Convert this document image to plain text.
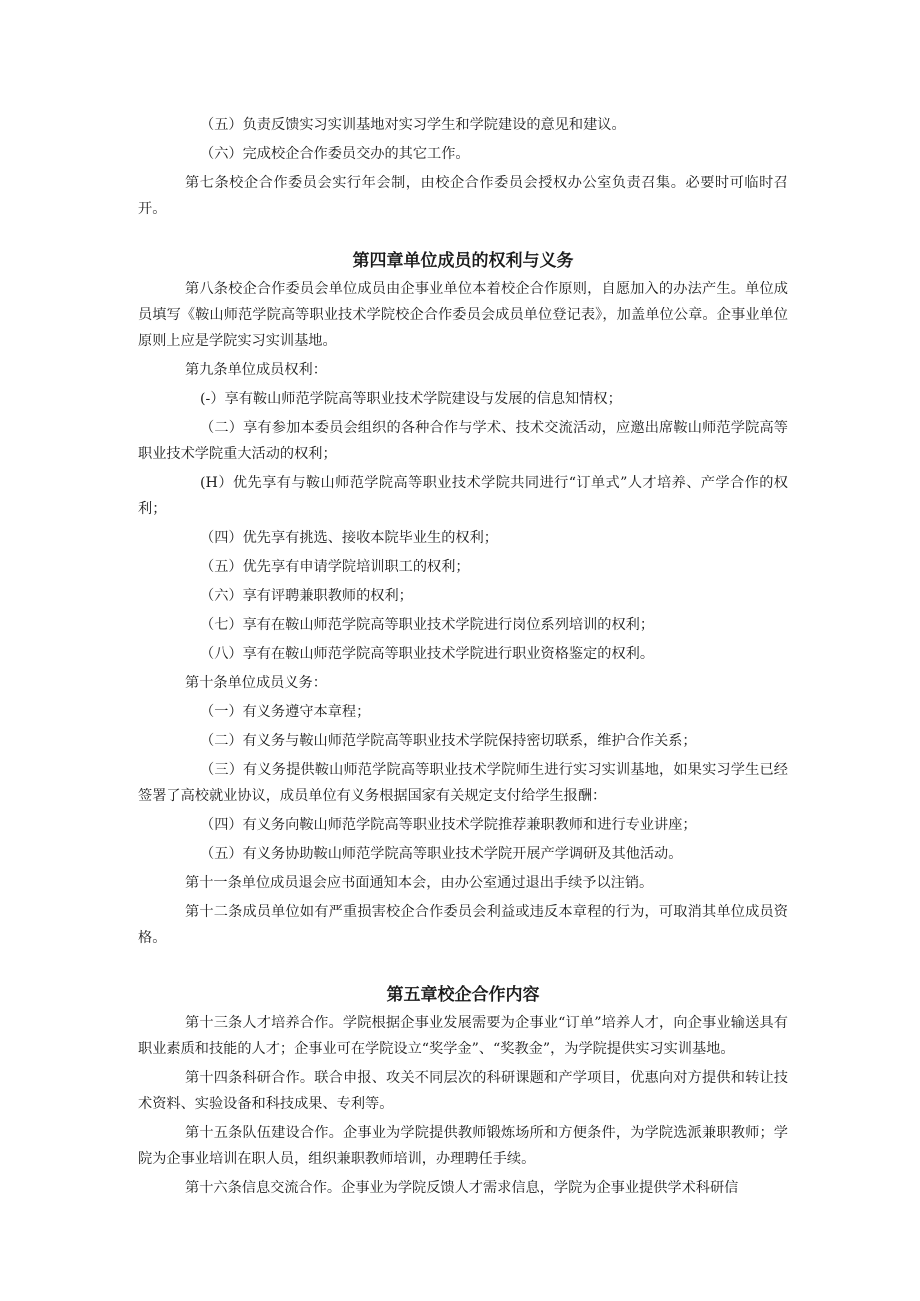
（五）负责反馈实习实训基地对实习学生和学院建设的意见和建议。

（六）完成校企合作委员交办的其它工作。

第七条校企合作委员会实行年会制，由校企合作委员会授权办公室负责召集。必要时可临时召开。

第四章单位成员的权利与义务

第八条校企合作委员会单位成员由企事业单位本着校企合作原则，自愿加入的办法产生。单位成员填写《鞍山师范学院高等职业技术学院校企合作委员会成员单位登记表》，加盖单位公章。企事业单位原则上应是学院实习实训基地。

第九条单位成员权利：

(-）享有鞍山师范学院高等职业技术学院建设与发展的信息知情权；

（二）享有参加本委员会组织的各种合作与学术、技术交流活动，应邀出席鞍山师范学院高等职业技术学院重大活动的权利；

(H）优先享有与鞍山师范学院高等职业技术学院共同进行“订单式”人才培养、产学合作的权利；

（四）优先享有挑选、接收本院毕业生的权利；

（五）优先享有申请学院培训职工的权利；

（六）享有评聘兼职教师的权利；

（七）享有在鞍山师范学院高等职业技术学院进行岗位系列培训的权利；

（八）享有在鞍山师范学院高等职业技术学院进行职业资格鉴定的权利。

第十条单位成员义务：

（一）有义务遵守本章程；

（二）有义务与鞍山师范学院高等职业技术学院保持密切联系，维护合作关系；

（三）有义务提供鞍山师范学院高等职业技术学院师生进行实习实训基地，如果实习学生已经签署了高校就业协议，成员单位有义务根据国家有关规定支付给学生报酬：

（四）有义务向鞍山师范学院高等职业技术学院推荐兼职教师和进行专业讲座；

（五）有义务协助鞍山师范学院高等职业技术学院开展产学调研及其他活动。

第十一条单位成员退会应书面通知本会，由办公室通过退出手续予以注销。

第十二条成员单位如有严重损害校企合作委员会利益或违反本章程的行为，可取消其单位成员资格。

第五章校企合作内容

第十三条人才培养合作。学院根据企事业发展需要为企事业“订单”培养人才，向企事业输送具有职业素质和技能的人才；企事业可在学院设立“奖学金”、“奖教金”，为学院提供实习实训基地。

第十四条科研合作。联合申报、攻关不同层次的科研课题和产学项目，优惠向对方提供和转让技术资料、实验设备和科技成果、专利等。

第十五条队伍建设合作。企事业为学院提供教师锻炼场所和方便条件，为学院选派兼职教师；学院为企事业培训在职人员，组织兼职教师培训，办理聘任手续。

第十六条信息交流合作。企事业为学院反馈人才需求信息，学院为企事业提供学术科研信
